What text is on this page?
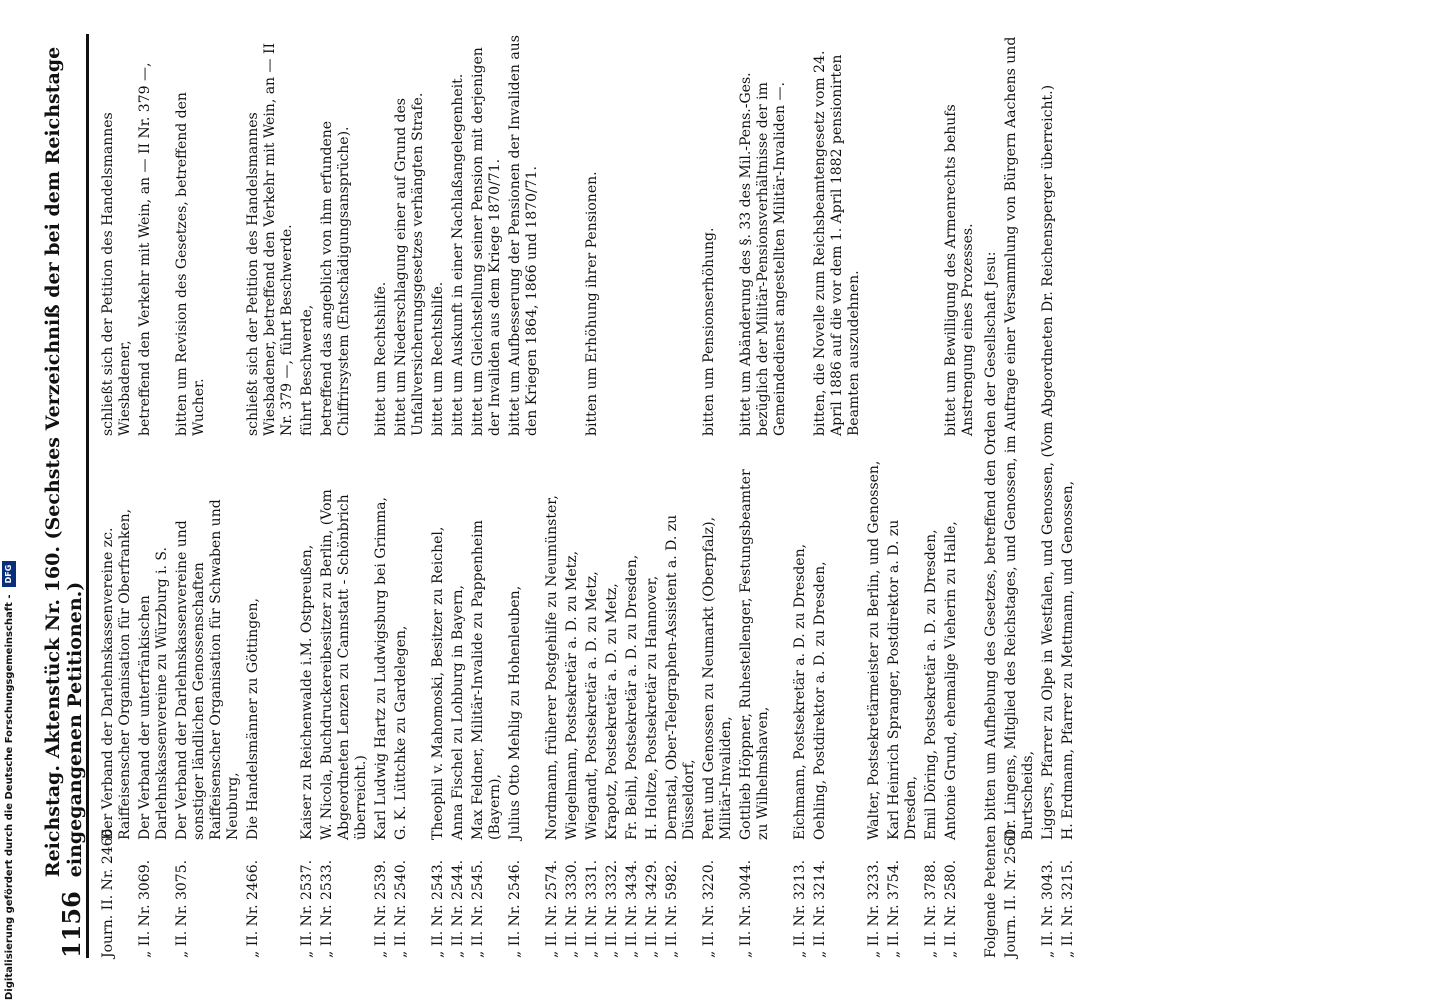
1156
Reichstag. Aktenstück Nr. 160. (Sechstes Verzeichniß der bei dem Reichstage eingegangenen Petitionen.)
Journ. II. Nr. 2466.
Der Verband der Darlehnskassenvereine zc. Raiffeisenscher Organisation für Oberfranken,
schließt sich der Petition des Handelsmannes Wiesbadener,
„ II. Nr. 3069.
Der Verband der unterfränkischen Darlehnskassenvereine zu Würzburg i. S.
betreffend den Verkehr mit Wein, an — II Nr. 379 —,
„ II. Nr. 3075.
Der Verband der Darlehnskassenvereine und sonstiger ländlichen Genossenschaften Raiffeisenscher Organisation für Schwaben und Neuburg,
bitten um Revision des Gesetzes, betreffend den Wucher.
„ II. Nr. 2466.
Die Handelsmänner zu Göttingen,
schließt sich der Petition des Handelsmannes Wiesbadener, betreffend den Verkehr mit Wein, an — II Nr. 379 —, führt Beschwerde.
„ II. Nr. 2537.
Kaiser zu Reichenwalde i.M. Ostpreußen,
führt Beschwerde,
„ II. Nr. 2533.
W. Nicola, Buchdruckereibesitzer zu Berlin, (Vom Abgeordneten Lenzen zu Cannstatt - Schönbrich überreicht.)
betreffend das angeblich von ihm erfundene Chiffrirsystem (Entschädigungsansprüche).
„ II. Nr. 2539.
Karl Ludwig Hartz zu Ludwigsburg bei Grimma,
bittet um Rechtshilfe.
„ II. Nr. 2540.
G. K. Lüttchke zu Gardelegen,
bittet um Niederschlagung einer auf Grund des Unfallversicherungsgesetzes verhängten Strafe.
„ II. Nr. 2543.
Theophil v. Mahomoski, Besitzer zu Reichel,
bittet um Rechtshilfe.
„ II. Nr. 2544.
Anna Fischel zu Lohburg in Bayern,
bittet um Auskunft in einer Nachlaßangelegenheit.
„ II. Nr. 2545.
Max Feldner, Militär-Invalide zu Pappenheim (Bayern),
bittet um Gleichstellung seiner Pension mit derjenigen der Invaliden aus dem Kriege 1870/71.
„ II. Nr. 2546.
Julius Otto Mehlig zu Hohenleuben,
bittet um Aufbesserung der Pensionen der Invaliden aus den Kriegen 1864, 1866 und 1870/71.
„ II. Nr. 2574.
Nordmann, früherer Postgehilfe zu Neumünster,
„ II. Nr. 3330.
Wiegelmann, Postsekretär a. D. zu Metz,
„ II. Nr. 3331.
Wiegandt, Postsekretär a. D. zu Metz,
bitten um Erhöhung ihrer Pensionen.
„ II. Nr. 3332.
Krapotz, Postsekretär a. D. zu Metz,
„ II. Nr. 3434.
Fr. Beihl, Postsekretär a. D. zu Dresden,
„ II. Nr. 3429.
H. Holtze, Postsekretär zu Hannover,
„ II. Nr. 5982.
Dernstal, Ober-Telegraphen-Assistent a. D. zu Düsseldorf,
„ II. Nr. 3220.
Pent und Genossen zu Neumarkt (Oberpfalz), Militär-Invaliden,
bitten um Pensionserhöhung.
„ II. Nr. 3044.
Gottlieb Höppner, Ruhestellenger, Festungsbeamter zu Wilhelmshaven,
bittet um Abänderung des §. 33 des Mil.-Pens.-Ges. bezüglich der Militär-Pensionsverhältnisse der im Gemeindedienst angestellten Militär-Invaliden —.
„ II. Nr. 3213.
Eichmann, Postsekretär a. D. zu Dresden,
„ II. Nr. 3214.
Oehling, Postdirektor a. D. zu Dresden,
bitten, die Novelle zum Reichsbeamtengesetz vom 24. April 1886 auf die vor dem 1. April 1882 pensionirten Beamten auszudehnen.
„ II. Nr. 3233.
Walter, Postsekretärmeister zu Berlin, und Genossen,
„ II. Nr. 3754.
Karl Heinrich Spranger, Postdirektor a. D. zu Dresden,
„ II. Nr. 3788.
Emil Döring, Postsekretär a. D. zu Dresden,
„ II. Nr. 2580.
Antonie Grund, ehemalige Vieherin zu Halle,
bittet um Bewilligung des Armenrechts behufs Anstrengung eines Prozesses. Folgende Petenten bitten um Aufhebung des Gesetzes, betreffend den Orden der Gesellschaft Jesu: Journ. II. Nr. 2561.
Dr. Lingens, Mitglied des Reichstages, und Genossen, im Auftrage einer Versammlung von Bürgern Aachens und Burtscheids,
„ II. Nr. 3043.
Liggers, Pfarrer zu Olpe in Westfalen, und Genossen, (Vom Abgeordneten Dr. Reichensperger überreicht.)
„ II. Nr. 3215.
H. Erdmann, Pfarrer zu Mettmann, und Genossen,
Digitalisierung gefördert durch die Deutsche Forschungsgemeinschaft - DFG
